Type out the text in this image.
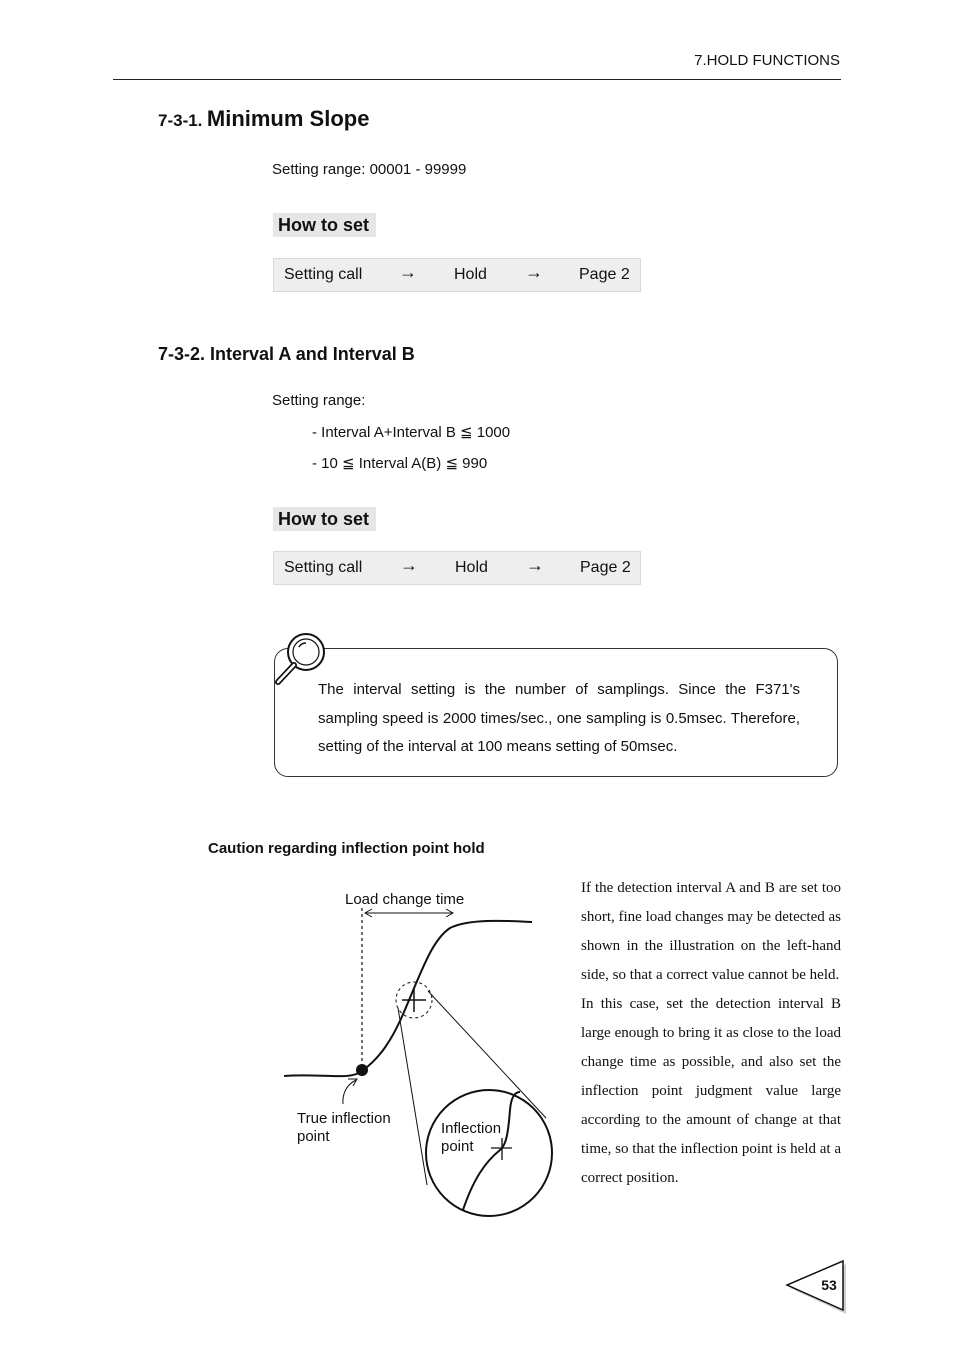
7.HOLD FUNCTIONS
7-3-1. Minimum Slope
Setting range: 00001 - 99999
How to set
Setting call → Hold → Page 2
7-3-2. Interval A and Interval B
Setting range:
- Interval A+Interval B ≦ 1000
- 10 ≦ Interval A(B) ≦ 990
How to set
Setting call → Hold → Page 2
The interval setting is the number of samplings. Since the F371's sampling speed is 2000 times/sec., one sampling is 0.5msec. Therefore, setting of the interval at 100 means setting of 50msec.
Caution regarding inflection point hold

If the detection interval A and B are set too short, fine load changes may be detected as shown in the illustration on the left-hand side, so that a correct value cannot be held.

In this case, set the detection interval B large enough to bring it as close to the load change time as possible, and also set the inflection point judgment value large according to the amount of change at that time, so that the inflection point is held at a correct position.

Load change time
True inflection
point	Inflection
point
53
